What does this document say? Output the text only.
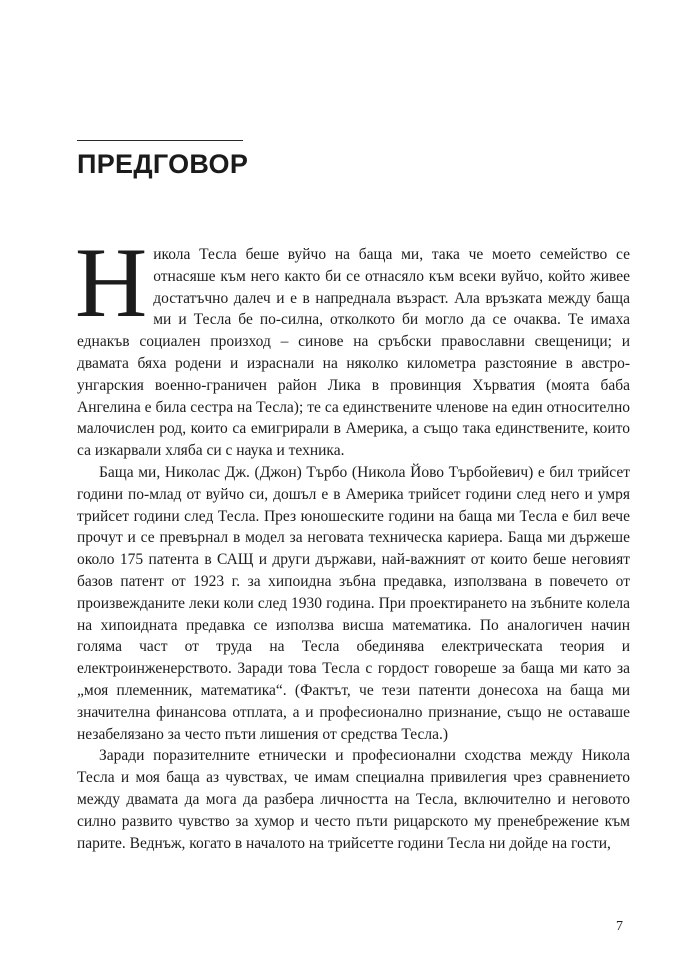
ПРЕДГОВОР

Никола Тесла беше вуйчо на баща ми, така че моето семейство се отнасяше към него както би се отнасяло към всеки вуйчо, който живее достатъчно далеч и е в напреднала възраст. Ала връзката между баща ми и Тесла бе по-силна, отколкото би могло да се очаква. Те имаха еднакъв социален произход – синове на сръбски православни свещеници; и двамата бяха родени и израснали на няколко километра разстояние в австро-унгарския военно-граничен район Лика в провинция Хърватия (моята баба Ангелина е била сестра на Тесла); те са единствените членове на един относително малочислен род, които са емигрирали в Америка, а също така единствените, които са изкарвали хляба си с наука и техника.

Баща ми, Николас Дж. (Джон) Търбо (Никола Йово Търбойевич) е бил трийсет години по-млад от вуйчо си, дошъл е в Америка трийсет години след него и умря трийсет години след Тесла. През юношеските години на баща ми Тесла е бил вече прочут и се превърнал в модел за неговата техническа кариера. Баща ми държеше около 175 патента в САЩ и други държави, най-важният от които беше неговият базов патент от 1923 г. за хипоидна зъбна предавка, използвана в повечето от произвежданите леки коли след 1930 година. При проектирането на зъбните колела на хипоидната предавка се използва висша математика. По аналогичен начин голяма част от труда на Тесла обединява електрическата теория и електроинженерството. Заради това Тесла с гордост говореше за баща ми като за „моя племенник, математика“. (Фактът, че тези патенти донесоха на баща ми значителна финансова отплата, а и професионално признание, също не оставаше незабелязано за често пъти лишения от средства Тесла.)

Заради поразителните етнически и професионални сходства между Никола Тесла и моя баща аз чувствах, че имам специална привилегия чрез сравнението между двамата да мога да разбера личността на Тесла, включително и неговото силно развито чувство за хумор и често пъти рицарското му пренебрежение към парите. Веднъж, когато в началото на трийсетте години Тесла ни дойде на гости,

7
